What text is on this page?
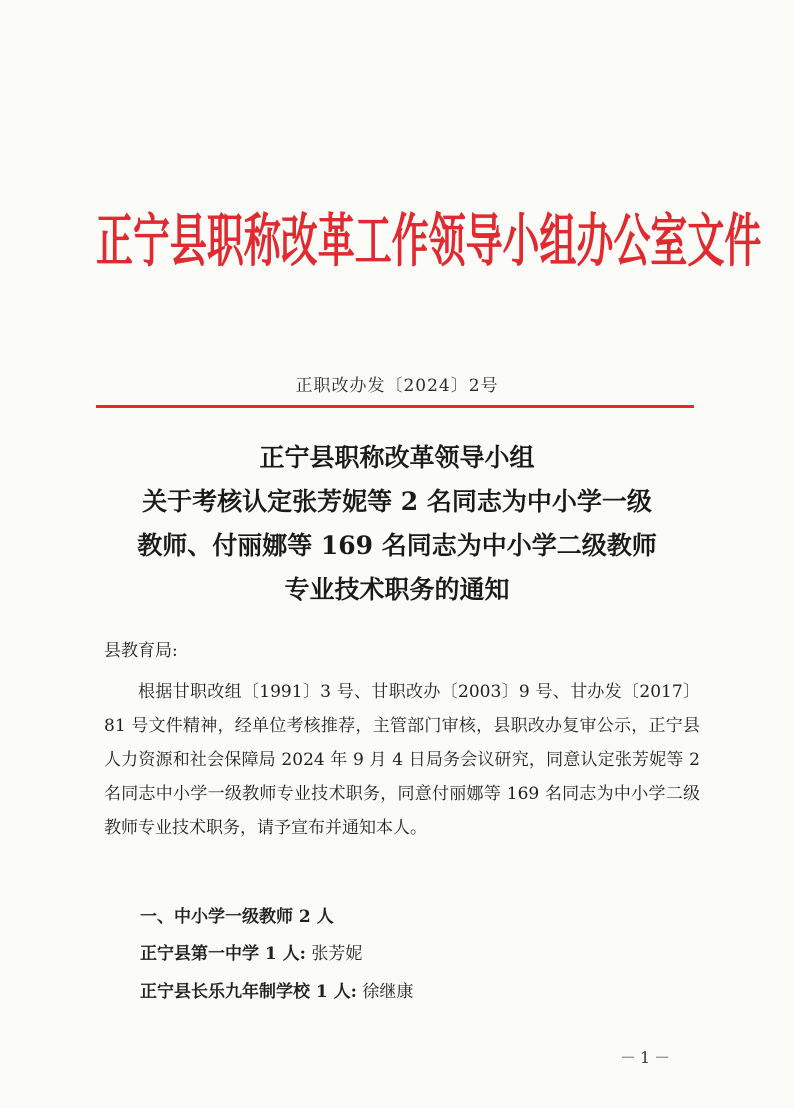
正宁县职称改革工作领导小组办公室文件
正职改办发〔2024〕2号
正宁县职称改革领导小组
关于考核认定张芳妮等 2 名同志为中小学一级
教师、付丽娜等 169 名同志为中小学二级教师
专业技术职务的通知
县教育局:
根据甘职改组〔1991〕3 号、甘职改办〔2003〕9 号、甘办发〔2017〕81 号文件精神，经单位考核推荐，主管部门审核，县职改办复审公示，正宁县人力资源和社会保障局 2024 年 9 月 4 日局务会议研究，同意认定张芳妮等 2 名同志中小学一级教师专业技术职务，同意付丽娜等 169 名同志为中小学二级教师专业技术职务，请予宣布并通知本人。
一、中小学一级教师 2 人
正宁县第一中学 1 人: 张芳妮
正宁县长乐九年制学校 1 人: 徐继康
－1－
